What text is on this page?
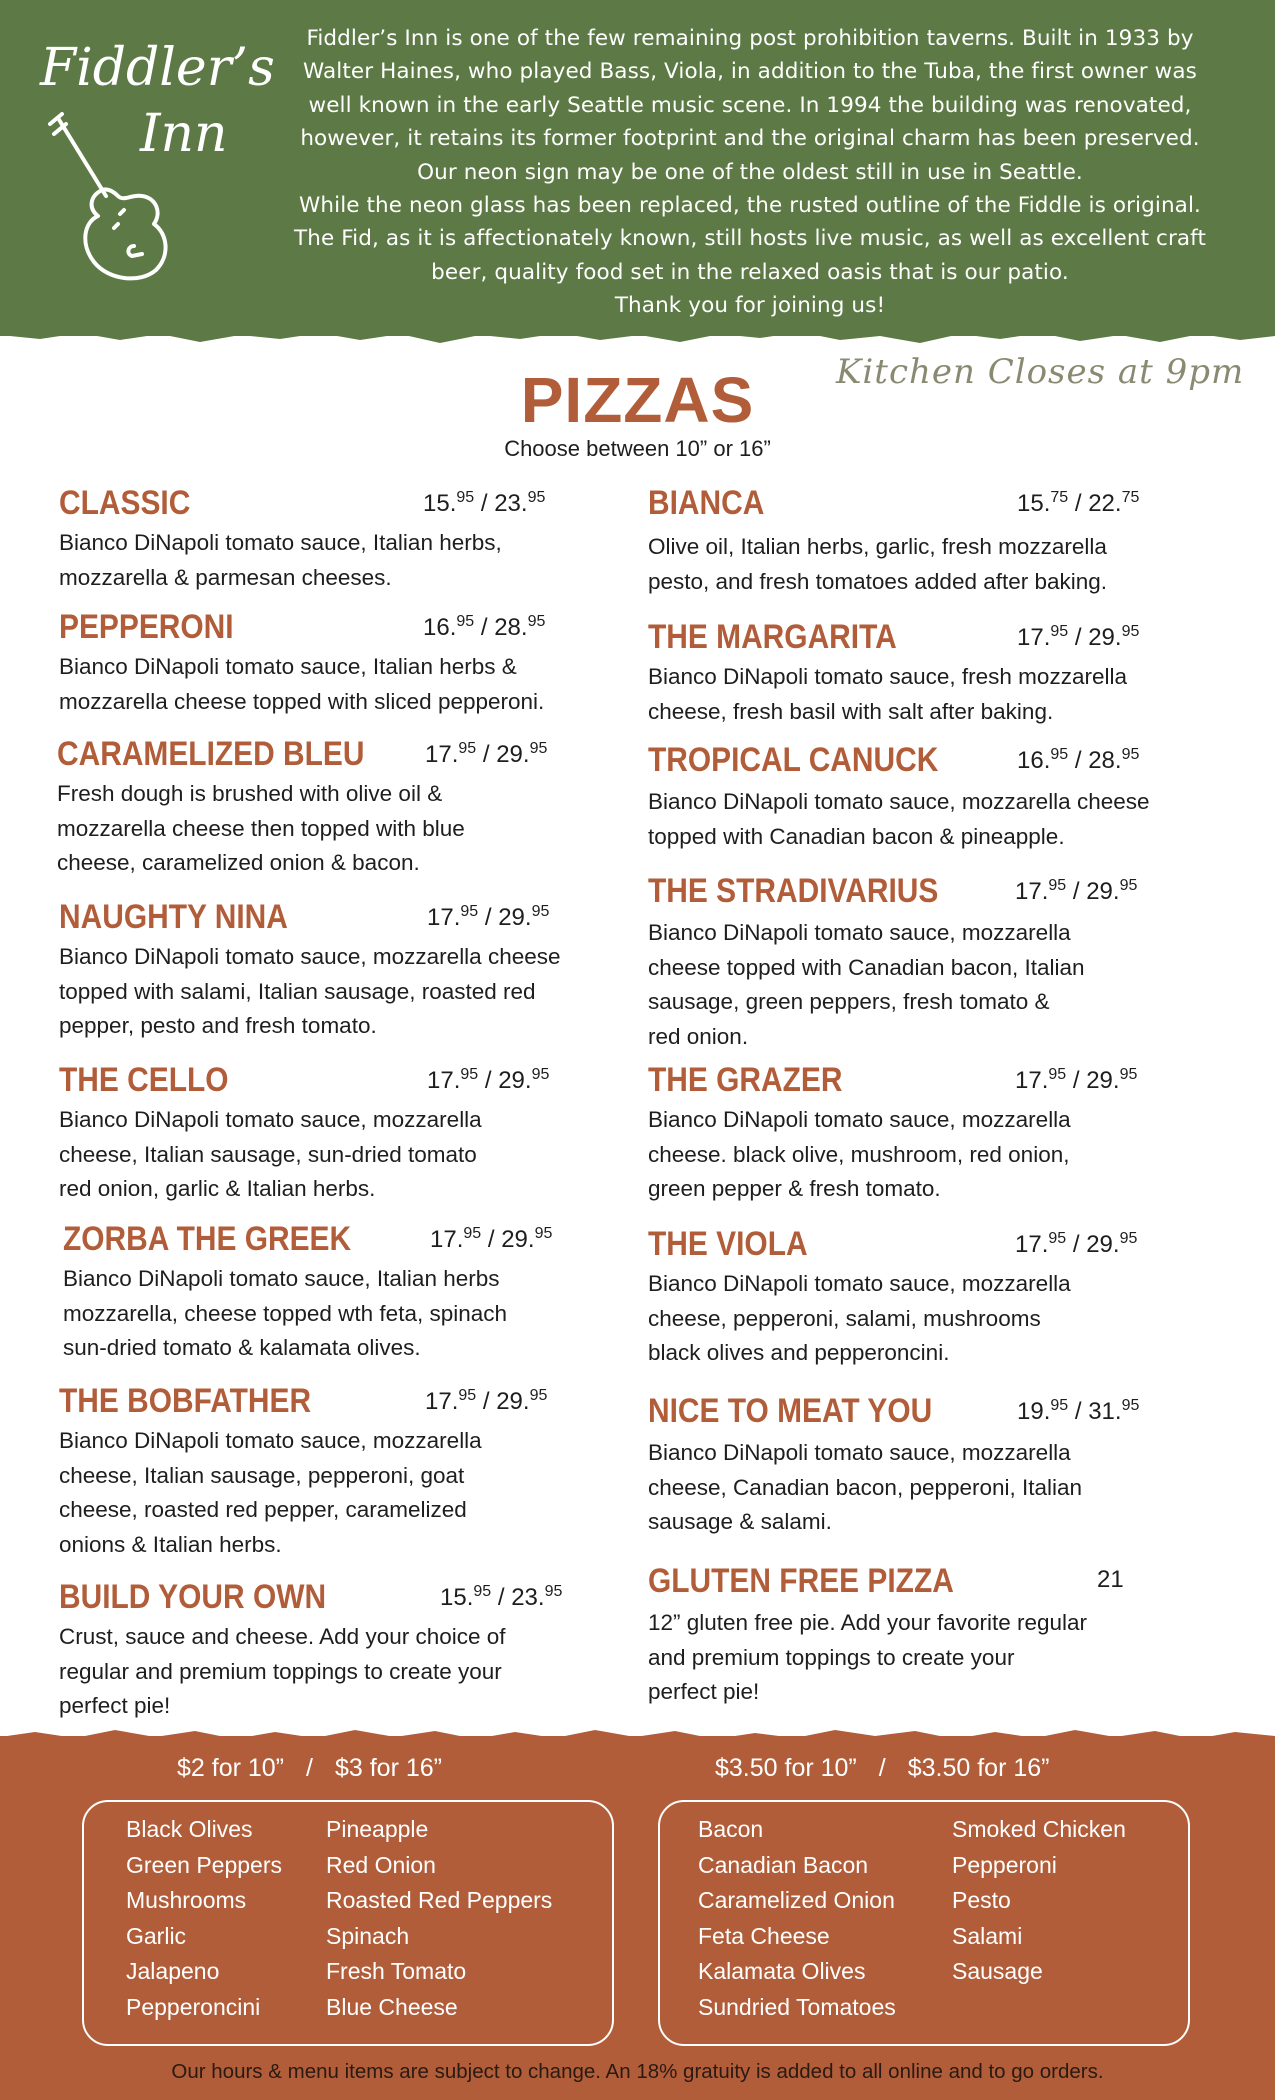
Fiddler’s
Inn
Fiddler’s Inn is one of the few remaining post prohibition taverns. Built in 1933 by
Walter Haines, who played Bass, Viola, in addition to the Tuba, the first owner was
well known in the early Seattle music scene. In 1994 the building was renovated,
however, it retains its former footprint and the original charm has been preserved.
Our neon sign may be one of the oldest still in use in Seattle.
While the neon glass has been replaced, the rusted outline of the Fiddle is original.
The Fid, as it is affectionately known, still hosts live music, as well as excellent craft
beer, quality food set in the relaxed oasis that is our patio.
Thank you for joining us!
Kitchen Closes at 9pm
PIZZAS
Choose between 10” or 16”
CLASSIC	15.95 / 23.95
Bianco DiNapoli tomato sauce, Italian herbs,
mozzarella & parmesan cheeses.
PEPPERONI	16.95 / 28.95
Bianco DiNapoli tomato sauce, Italian herbs &
mozzarella cheese topped with sliced pepperoni.
CARAMELIZED BLEU	17.95 / 29.95
Fresh dough is brushed with olive oil &
mozzarella cheese then topped with blue
cheese, caramelized onion & bacon.
NAUGHTY NINA	17.95 / 29.95
Bianco DiNapoli tomato sauce, mozzarella cheese
topped with salami, Italian sausage, roasted red
pepper, pesto and fresh tomato.
THE CELLO	17.95 / 29.95
Bianco DiNapoli tomato sauce, mozzarella
cheese, Italian sausage, sun-dried tomato
red onion, garlic & Italian herbs.
ZORBA THE GREEK	17.95 / 29.95
Bianco DiNapoli tomato sauce, Italian herbs
mozzarella, cheese topped wth feta, spinach
sun-dried tomato & kalamata olives.
THE BOBFATHER	17.95 / 29.95
Bianco DiNapoli tomato sauce, mozzarella
cheese, Italian sausage, pepperoni, goat
cheese, roasted red pepper, caramelized
onions & Italian herbs.
BUILD YOUR OWN	15.95 / 23.95
Crust, sauce and cheese. Add your choice of
regular and premium toppings to create your
perfect pie!
BIANCA	15.75 / 22.75
Olive oil, Italian herbs, garlic, fresh mozzarella
pesto, and fresh tomatoes added after baking.
THE MARGARITA	17.95 / 29.95
Bianco DiNapoli tomato sauce, fresh mozzarella
cheese, fresh basil with salt after baking.
TROPICAL CANUCK	16.95 / 28.95
Bianco DiNapoli tomato sauce, mozzarella cheese
topped with Canadian bacon & pineapple.
THE STRADIVARIUS	17.95 / 29.95
Bianco DiNapoli tomato sauce, mozzarella
cheese topped with Canadian bacon, Italian
sausage, green peppers, fresh tomato &
red onion.
THE GRAZER	17.95 / 29.95
Bianco DiNapoli tomato sauce, mozzarella
cheese. black olive, mushroom, red onion,
green pepper & fresh tomato.
THE VIOLA	17.95 / 29.95
Bianco DiNapoli tomato sauce, mozzarella
cheese, pepperoni, salami, mushrooms
black olives and pepperoncini.
NICE TO MEAT YOU	19.95 / 31.95
Bianco DiNapoli tomato sauce, mozzarella
cheese, Canadian bacon, pepperoni, Italian
sausage & salami.
GLUTEN FREE PIZZA	21
12” gluten free pie. Add your favorite regular
and premium toppings to create your
perfect pie!
$2 for 10” / $3 for 16”	$3.50 for 10” / $3.50 for 16”
Black Olives
Green Peppers
Mushrooms
Garlic
Jalapeno
Pepperoncini
Pineapple
Red Onion
Roasted Red Peppers
Spinach
Fresh Tomato
Blue Cheese
Bacon
Canadian Bacon
Caramelized Onion
Feta Cheese
Kalamata Olives
Sundried Tomatoes
Smoked Chicken
Pepperoni
Pesto
Salami
Sausage
Our hours & menu items are subject to change. An 18% gratuity is added to all online and to go orders.
